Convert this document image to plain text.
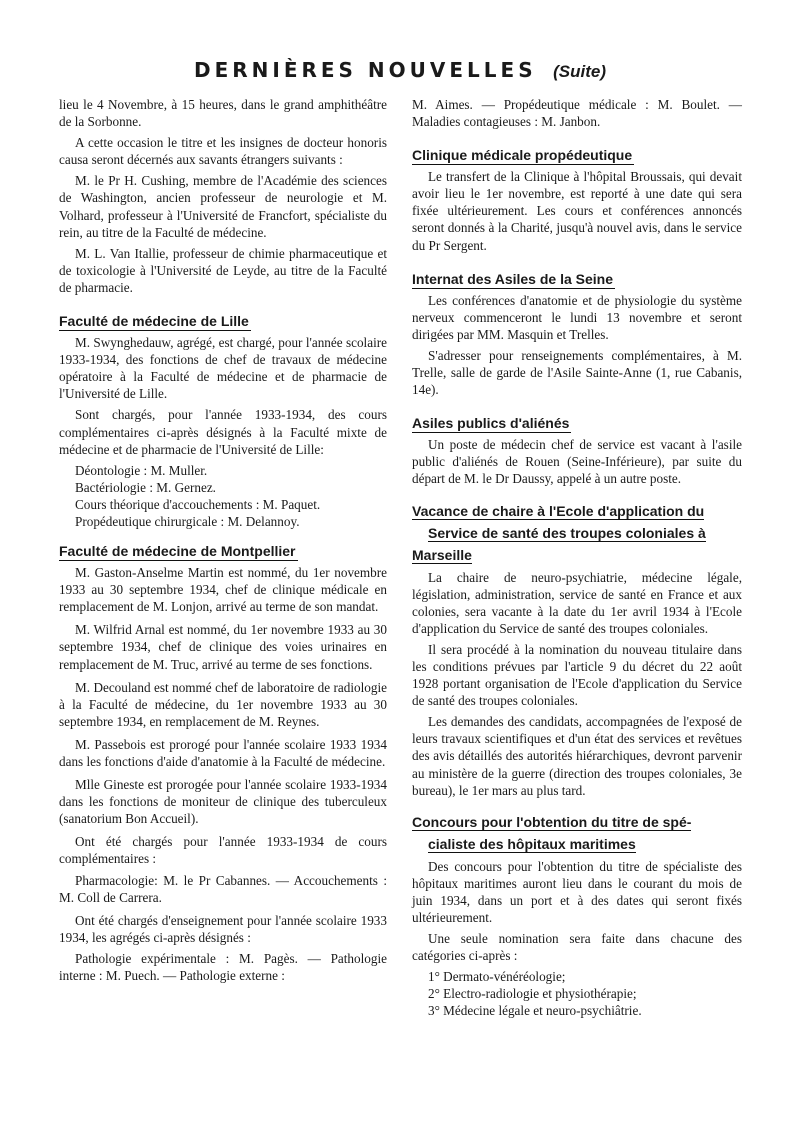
DERNIÈRES NOUVELLES (Suite)

lieu le 4 Novembre, à 15 heures, dans le grand amphithéâtre de la Sorbonne.

A cette occasion le titre et les insignes de docteur honoris causa seront décernés aux savants étrangers suivants :

M. le Pr H. Cushing, membre de l'Académie des sciences de Washington, ancien professeur de neurologie et M. Volhard, professeur à l'Université de Francfort, spécialiste du rein, au titre de la Faculté de médecine.

M. L. Van Itallie, professeur de chimie pharmaceutique et de toxicologie à l'Université de Leyde, au titre de la Faculté de pharmacie.

Faculté de médecine de Lille

M. Swynghedauw, agrégé, est chargé, pour l'année scolaire 1933-1934, des fonctions de chef de travaux de médecine opératoire à la Faculté de médecine et de pharmacie de l'Université de Lille.

Sont chargés, pour l'année 1933-1934, des cours complémentaires ci-après désignés à la Faculté mixte de médecine et de pharmacie de l'Université de Lille:

Déontologie : M. Muller.

Bactériologie : M. Gernez.

Cours théorique d'accouchements : M. Paquet.

Propédeutique chirurgicale : M. Delannoy.

Faculté de médecine de Montpellier

M. Gaston-Anselme Martin est nommé, du 1er novembre 1933 au 30 septembre 1934, chef de clinique médicale en remplacement de M. Lonjon, arrivé au terme de son mandat.

M. Wilfrid Arnal est nommé, du 1er novembre 1933 au 30 septembre 1934, chef de clinique des voies urinaires en remplacement de M. Truc, arrivé au terme de ses fonctions.

M. Decouland est nommé chef de laboratoire de radiologie à la Faculté de médecine, du 1er novembre 1933 au 30 septembre 1934, en remplacement de M. Reynes.

M. Passebois est prorogé pour l'année scolaire 1933 1934 dans les fonctions d'aide d'anatomie à la Faculté de médecine.

Mlle Gineste est prorogée pour l'année scolaire 1933-1934 dans les fonctions de moniteur de clinique des tuberculeux (sanatorium Bon Accueil).

Ont été chargés pour l'année 1933-1934 de cours complémentaires :

Pharmacologie: M. le Pr Cabannes. — Accouchements : M. Coll de Carrera.

Ont été chargés d'enseignement pour l'année scolaire 1933 1934, les agrégés ci-après désignés :

Pathologie expérimentale : M. Pagès. — Pathologie interne : M. Puech. — Pathologie externe :

M. Aimes. — Propédeutique médicale : M. Boulet. — Maladies contagieuses : M. Janbon.

Clinique médicale propédeutique

Le transfert de la Clinique à l'hôpital Broussais, qui devait avoir lieu le 1er novembre, est reporté à une date qui sera fixée ultérieurement. Les cours et conférences annoncés seront donnés à la Charité, jusqu'à nouvel avis, dans le service du Pr Sergent.

Internat des Asiles de la Seine

Les conférences d'anatomie et de physiologie du système nerveux commenceront le lundi 13 novembre et seront dirigées par MM. Masquin et Trelles.

S'adresser pour renseignements complémentaires, à M. Trelle, salle de garde de l'Asile Sainte-Anne (1, rue Cabanis, 14e).

Asiles publics d'aliénés

Un poste de médecin chef de service est vacant à l'asile public d'aliénés de Rouen (Seine-Inférieure), par suite du départ de M. le Dr Daussy, appelé à un autre poste.

Vacance de chaire à l'Ecole d'application du
Service de santé des troupes coloniales à
Marseille

La chaire de neuro-psychiatrie, médecine légale, législation, administration, service de santé en France et aux colonies, sera vacante à la date du 1er avril 1934 à l'Ecole d'application du Service de santé des troupes coloniales.

Il sera procédé à la nomination du nouveau titulaire dans les conditions prévues par l'article 9 du décret du 22 août 1928 portant organisation de l'Ecole d'application du Service de santé des troupes coloniales.

Les demandes des candidats, accompagnées de l'exposé de leurs travaux scientifiques et d'un état des services et revêtues des avis détaillés des autorités hiérarchiques, devront parvenir au ministère de la guerre (direction des troupes coloniales, 3e bureau), le 1er mars au plus tard.

Concours pour l'obtention du titre de spé-
cialiste des hôpitaux maritimes

Des concours pour l'obtention du titre de spécialiste des hôpitaux maritimes auront lieu dans le courant du mois de juin 1934, dans un port et à des dates qui seront fixés ultérieurement.

Une seule nomination sera faite dans chacune des catégories ci-après :

1° Dermato-vénéréologie;

2° Electro-radiologie et physiothérapie;

3° Médecine légale et neuro-psychiâtrie.
